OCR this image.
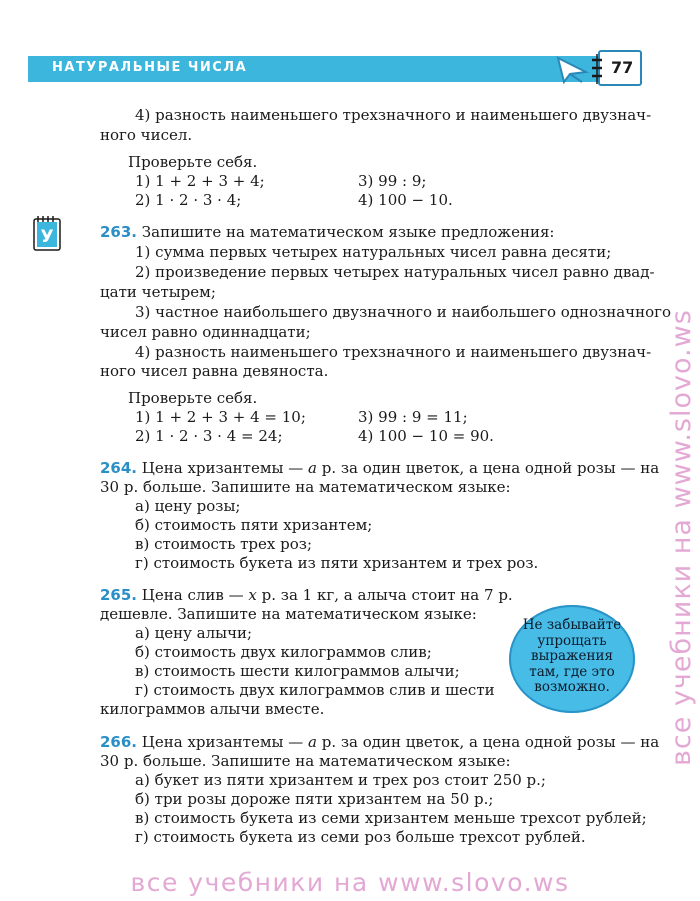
НАТУРАЛЬНЫЕ ЧИСЛА	77
4) разность наименьшего трехзначного и наименьшего двузнач-
ного чисел.
Проверьте себя.
1) 1 + 2 + 3 + 4;
2) 1 · 2 · 3 · 4;
3) 99 : 9;
4) 100 − 10.
У	263. Запишите на математическом языке предложения:
1) сумма первых четырех натуральных чисел равна десяти;
2) произведение первых четырех натуральных чисел равно двад-
цати четырем;
3) частное наибольшего двузначного и наибольшего однозначного
чисел равно одиннадцати;
4) разность наименьшего трехзначного и наименьшего двузнач-
ного чисел равна девяноста.
Проверьте себя.
1) 1 + 2 + 3 + 4 = 10;
2) 1 · 2 · 3 · 4 = 24;
3) 99 : 9 = 11;
4) 100 − 10 = 90.
264. Цена хризантемы — a р. за один цветок, а цена одной розы — на
30 р. больше. Запишите на математическом языке:
а) цену розы;
б) стоимость пяти хризантем;
в) стоимость трех роз;
г) стоимость букета из пяти хризантем и трех роз.
265. Цена слив — x р. за 1 кг, а алыча стоит на 7 р.
дешевле. Запишите на математическом языке:
а) цену алычи;
б) стоимость двух килограммов слив;
в) стоимость шести килограммов алычи;
г) стоимость двух килограммов слив и шести
килограммов алычи вместе.
Не забывайте
упрощать
выражения
там, где это
возможно.
266. Цена хризантемы — a р. за один цветок, а цена одной розы — на
30 р. больше. Запишите на математическом языке:
а) букет из пяти хризантем и трех роз стоит 250 р.;
б) три розы дороже пяти хризантем на 50 р.;
в) стоимость букета из семи хризантем меньше трехсот рублей;
г) стоимость букета из семи роз больше трехсот рублей.
все учебники на www.slovo.ws
все учебники на www.slovo.ws
